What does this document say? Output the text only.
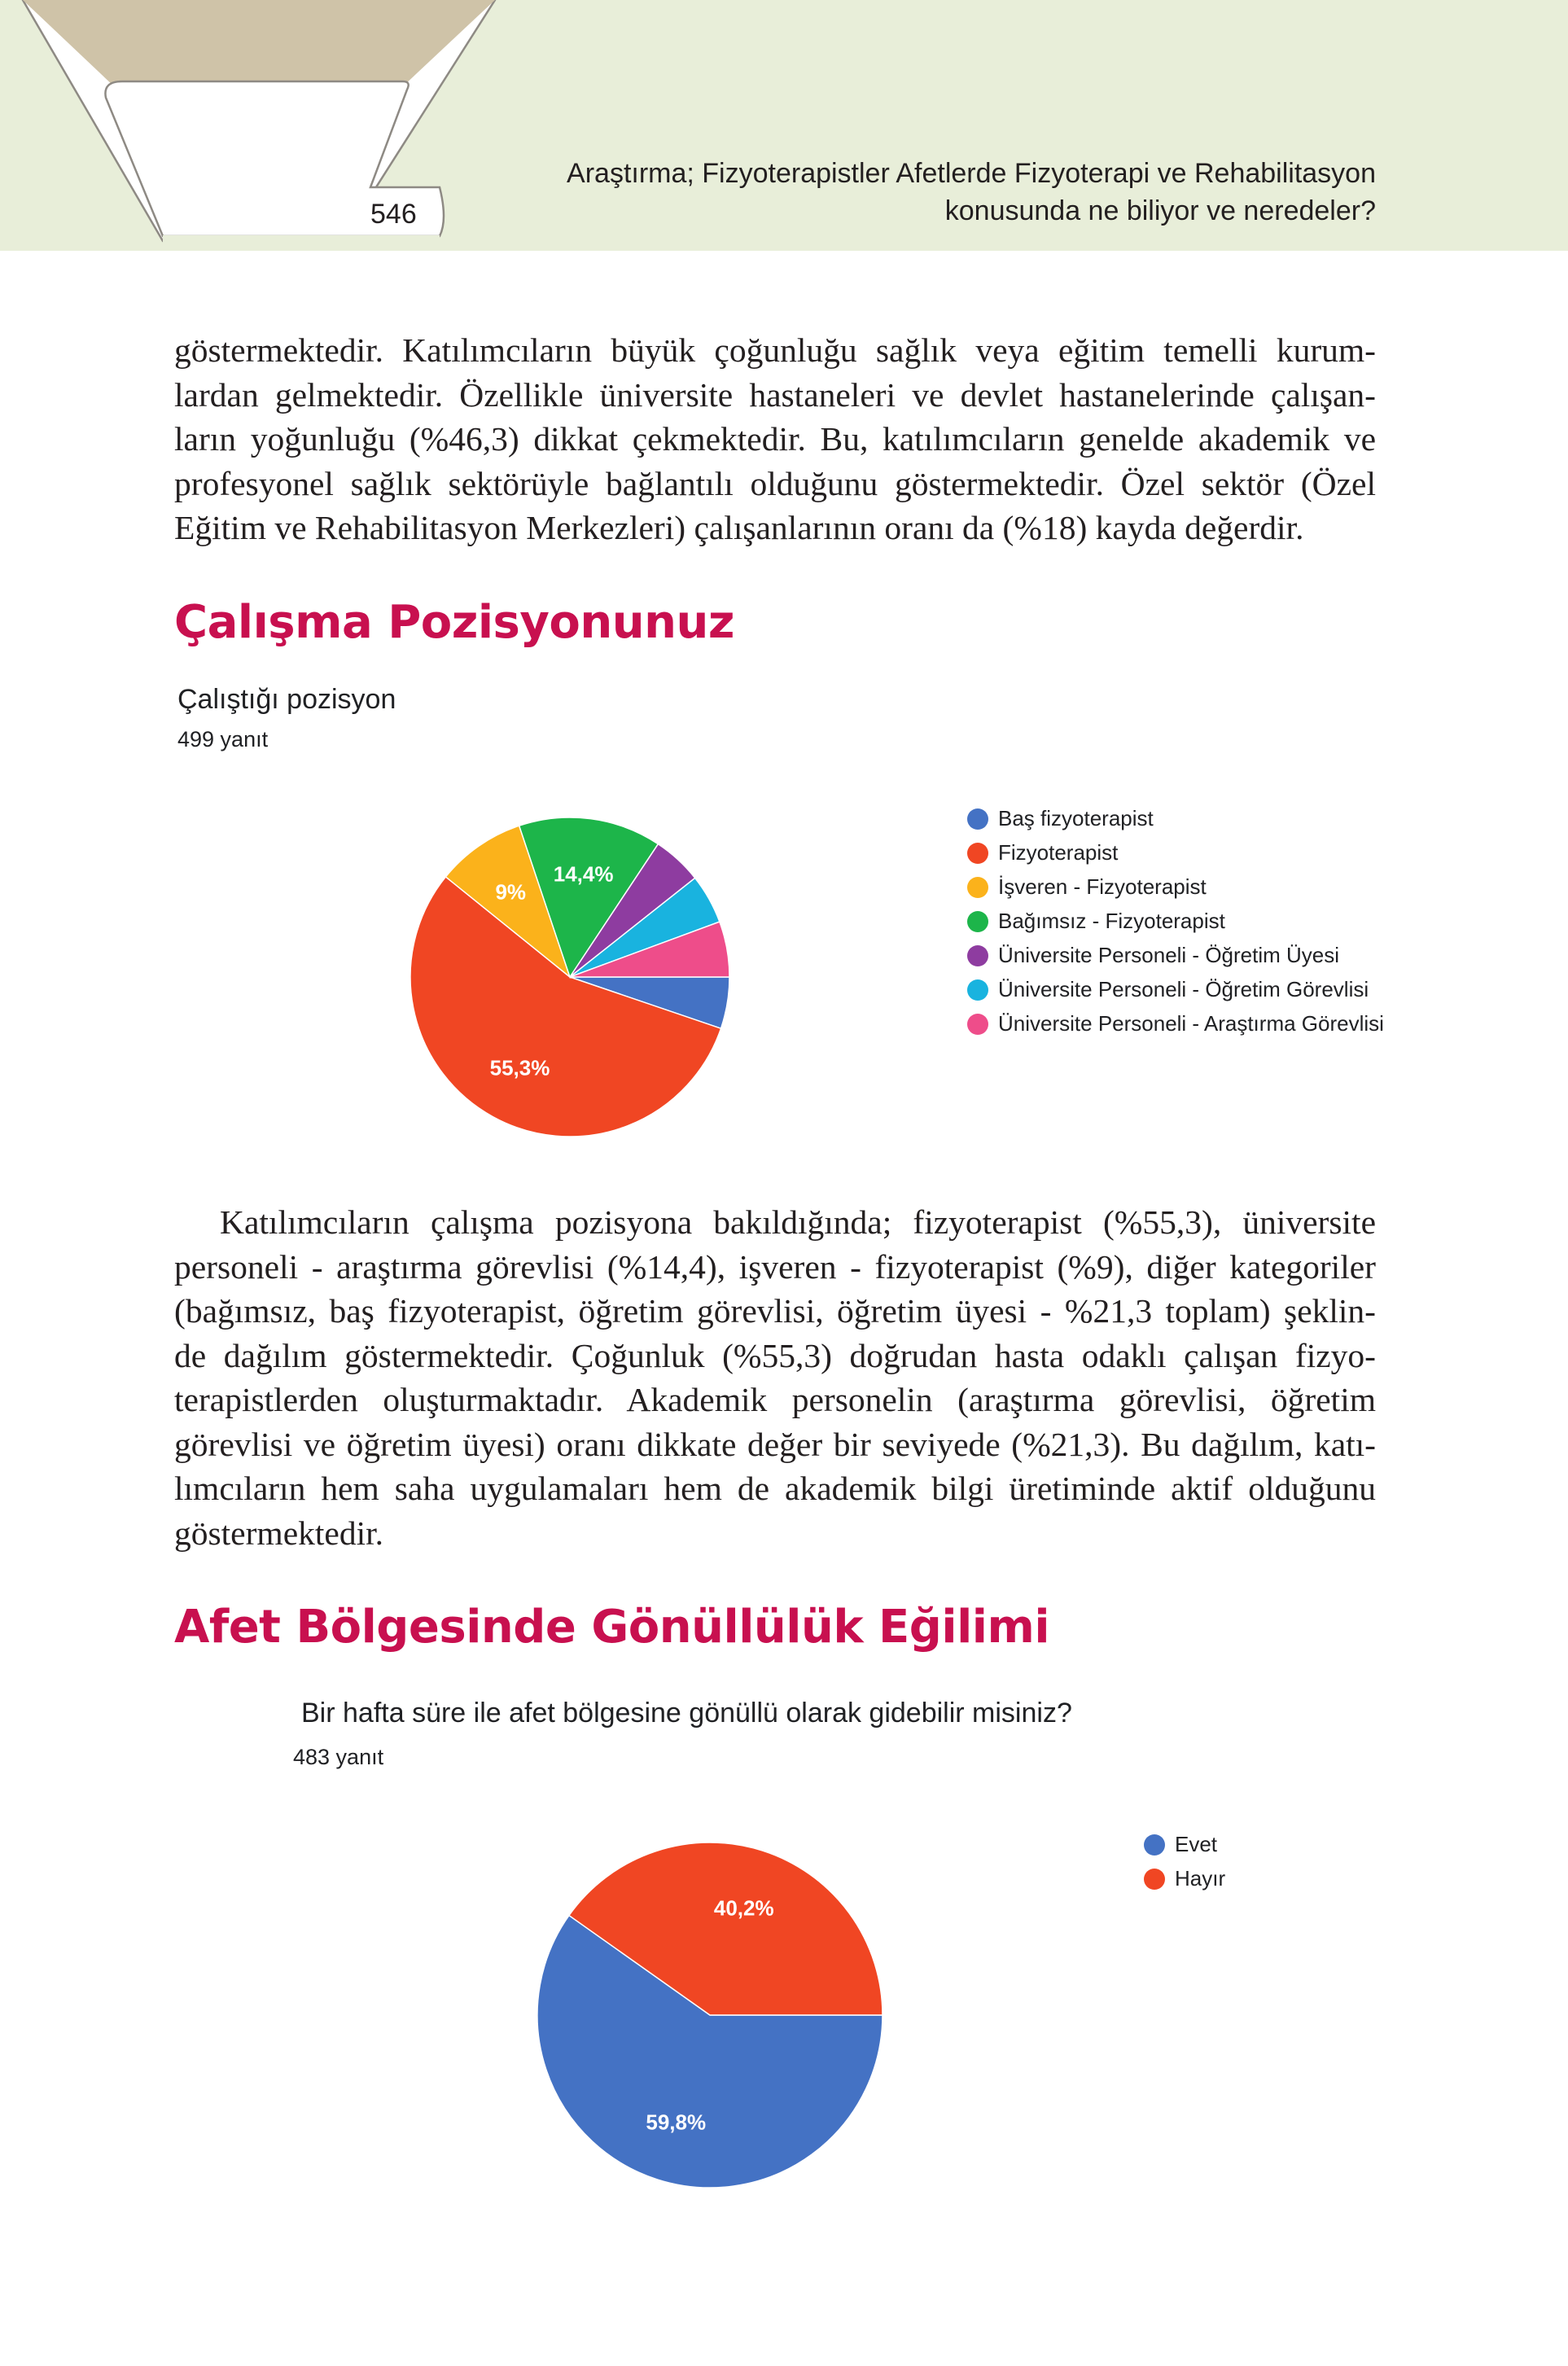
546
Araştırma; Fizyoterapistler Afetlerde Fizyoterapi ve Rehabilitasyon
konusunda ne biliyor ve neredeler?
göstermektedir. Katılımcıların büyük çoğunluğu sağlık veya eğitim temelli kurum-
lardan gelmektedir. Özellikle üniversite hastaneleri ve devlet hastanelerinde çalışan-
ların yoğunluğu (%46,3) dikkat çekmektedir. Bu, katılımcıların genelde akademik ve
profesyonel sağlık sektörüyle bağlantılı olduğunu göstermektedir. Özel sektör (Özel
Eğitim ve Rehabilitasyon Merkezleri) çalışanlarının oranı da (%18) kayda değerdir.
Çalışma Pozisyonunuz
Çalıştığı pozisyon
499 yanıt
55,3%
9%
14,4%
Baş fizyoterapist
Fizyoterapist
İşveren - Fizyoterapist
Bağımsız - Fizyoterapist
Üniversite Personeli - Öğretim Üyesi
Üniversite Personeli - Öğretim Görevlisi
Üniversite Personeli - Araştırma Görevlisi
Katılımcıların çalışma pozisyona bakıldığında; fizyoterapist (%55,3), üniversite
personeli - araştırma görevlisi (%14,4), işveren - fizyoterapist (%9), diğer kategoriler
(bağımsız, baş fizyoterapist, öğretim görevlisi, öğretim üyesi - %21,3 toplam) şeklin-
de dağılım göstermektedir. Çoğunluk (%55,3) doğrudan hasta odaklı çalışan fizyo-
terapistlerden oluşturmaktadır. Akademik personelin (araştırma görevlisi, öğretim
görevlisi ve öğretim üyesi) oranı dikkate değer bir seviyede (%21,3). Bu dağılım, katı-
lımcıların hem saha uygulamaları hem de akademik bilgi üretiminde aktif olduğunu
göstermektedir.
Afet Bölgesinde Gönüllülük Eğilimi
Bir hafta süre ile afet bölgesine gönüllü olarak gidebilir misiniz?
483 yanıt
59,8%
40,2%
Evet
Hayır
